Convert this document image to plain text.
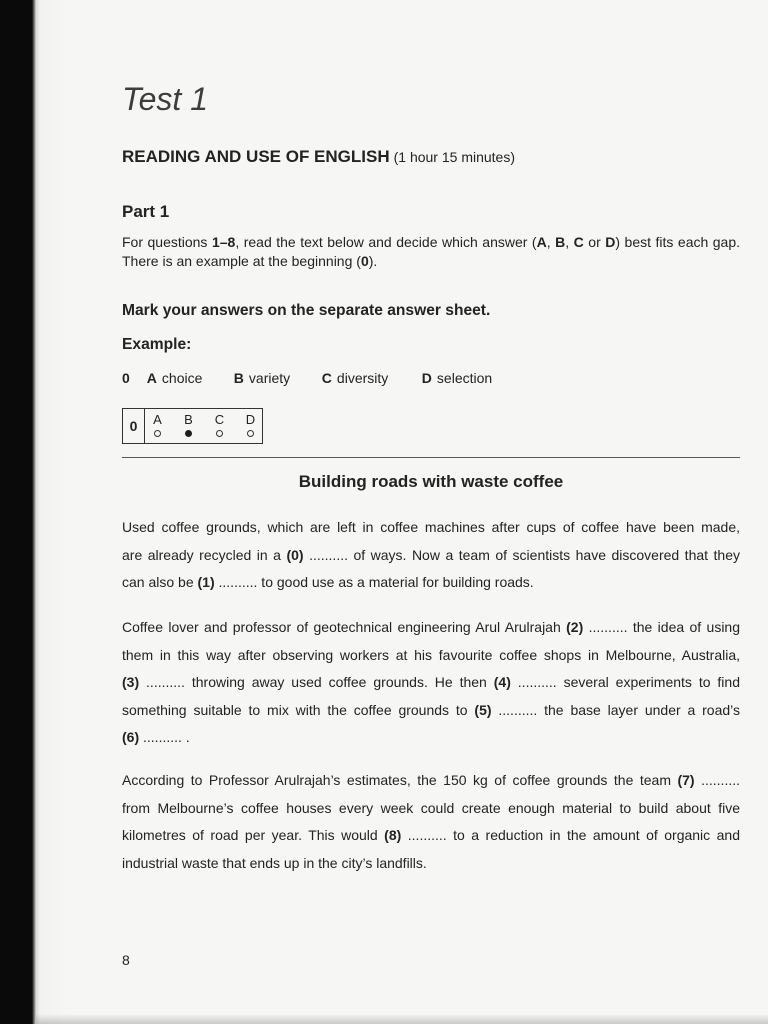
Test 1
READING AND USE OF ENGLISH (1 hour 15 minutes)
Part 1
For questions 1–8, read the text below and decide which answer (A, B, C or D) best fits each gap.
There is an example at the beginning (0).
Mark your answers on the separate answer sheet.
Example:
0 A choice	B variety	C diversity	D selection
0	A B C D
Building roads with waste coffee
Used coffee grounds, which are left in coffee machines after cups of coffee have been made,
are already recycled in a (0) .......... of ways. Now a team of scientists have discovered that they
can also be (1) .......... to good use as a material for building roads.
Coffee lover and professor of geotechnical engineering Arul Arulrajah (2) .......... the idea of using
them in this way after observing workers at his favourite coffee shops in Melbourne, Australia,
(3) .......... throwing away used coffee grounds. He then (4) .......... several experiments to find
something suitable to mix with the coffee grounds to (5) .......... the base layer under a road’s
(6) .......... .
According to Professor Arulrajah’s estimates, the 150 kg of coffee grounds the team (7) ..........
from Melbourne’s coffee houses every week could create enough material to build about five
kilometres of road per year. This would (8) .......... to a reduction in the amount of organic and
industrial waste that ends up in the city’s landfills.
8
